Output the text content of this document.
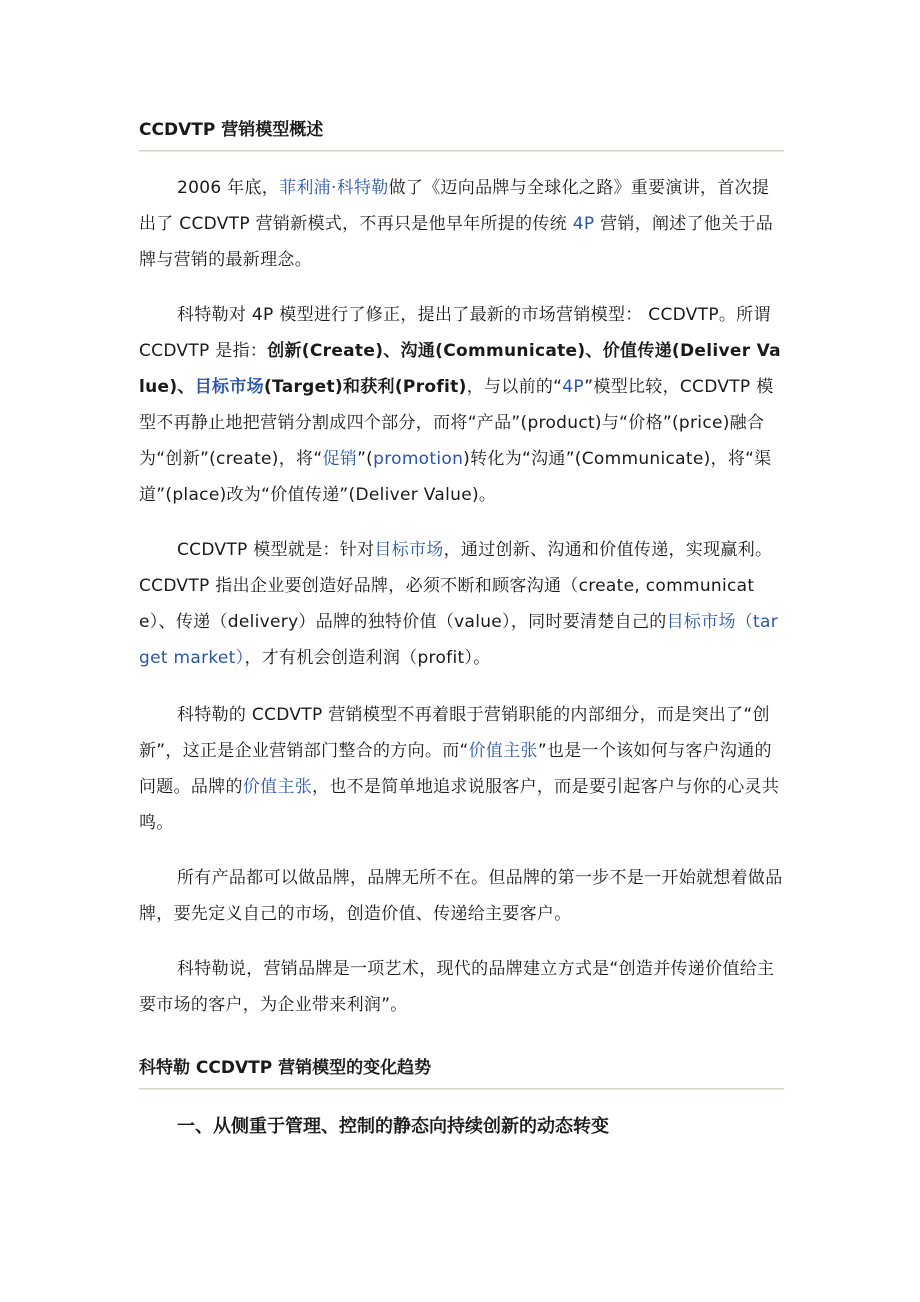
CCDVTP 营销模型概述

2006 年底，菲利浦·科特勒做了《迈向品牌与全球化之路》重要演讲，首次提出了 CCDVTP 营销新模式，不再只是他早年所提的传统 4P 营销，阐述了他关于品牌与营销的最新理念。

科特勒对 4P 模型进行了修正，提出了最新的市场营销模型： CCDVTP。所谓 CCDVTP 是指：创新(Create)、沟通(Communicate)、价值传递(Deliver Value)、目标市场(Target)和获利(Profit)，与以前的“4P”模型比较，CCDVTP 模型不再静止地把营销分割成四个部分，而将“产品”(product)与“价格”(price)融合为“创新”(create)，将“促销”(promotion)转化为“沟通”(Communicate)，将“渠道”(place)改为“价值传递”(Deliver Value)。

CCDVTP 模型就是：针对目标市场，通过创新、沟通和价值传递，实现赢利。CCDVTP 指出企业要创造好品牌，必须不断和顾客沟通（create, communicate）、传递（delivery）品牌的独特价值（value），同时要清楚自己的目标市场（target market），才有机会创造利润（profit）。

科特勒的 CCDVTP 营销模型不再着眼于营销职能的内部细分，而是突出了“创新”，这正是企业营销部门整合的方向。而“价值主张”也是一个该如何与客户沟通的问题。品牌的价值主张，也不是简单地追求说服客户，而是要引起客户与你的心灵共鸣。

所有产品都可以做品牌，品牌无所不在。但品牌的第一步不是一开始就想着做品牌，要先定义自己的市场，创造价值、传递给主要客户。

科特勒说，营销品牌是一项艺术，现代的品牌建立方式是“创造并传递价值给主要市场的客户，为企业带来利润”。

科特勒 CCDVTP 营销模型的变化趋势
一、从侧重于管理、控制的静态向持续创新的动态转变
